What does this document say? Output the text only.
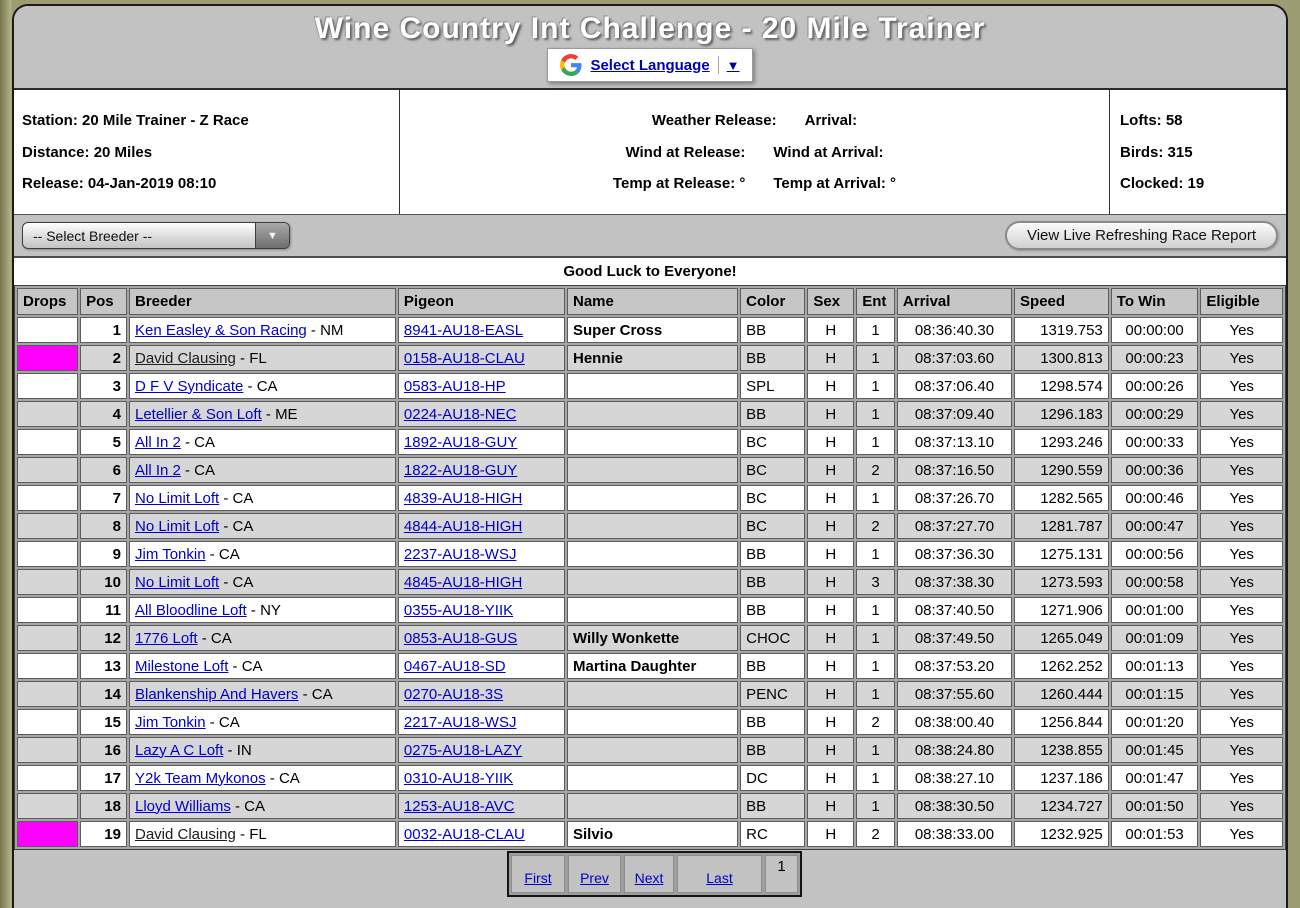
Wine Country Int Challenge - 20 Mile Trainer
Select Language ▼
Station: 20 Mile Trainer - Z Race
Distance: 20 Miles
Release: 04-Jan-2019 08:10
Weather Release: Arrival:
Wind at Release: Wind at Arrival:
Temp at Release: ° Temp at Arrival: °
Lofts: 58
Birds: 315
Clocked: 19
-- Select Breeder --	▼	View Live Refreshing Race Report
Good Luck to Everyone!
Drops	Pos	Breeder	Pigeon	Name	Color	Sex	Ent	Arrival	Speed	To Win	Eligible
	1	Ken Easley & Son Racing - NM	8941-AU18-EASL	Super Cross	BB	H	1	08:36:40.30	1319.753	00:00:00	Yes
	2	David Clausing - FL	0158-AU18-CLAU	Hennie	BB	H	1	08:37:03.60	1300.813	00:00:23	Yes
	3	D F V Syndicate - CA	0583-AU18-HP		SPL	H	1	08:37:06.40	1298.574	00:00:26	Yes
	4	Letellier & Son Loft - ME	0224-AU18-NEC		BB	H	1	08:37:09.40	1296.183	00:00:29	Yes
	5	All In 2 - CA	1892-AU18-GUY		BC	H	1	08:37:13.10	1293.246	00:00:33	Yes
	6	All In 2 - CA	1822-AU18-GUY		BC	H	2	08:37:16.50	1290.559	00:00:36	Yes
	7	No Limit Loft - CA	4839-AU18-HIGH		BC	H	1	08:37:26.70	1282.565	00:00:46	Yes
	8	No Limit Loft - CA	4844-AU18-HIGH		BC	H	2	08:37:27.70	1281.787	00:00:47	Yes
	9	Jim Tonkin - CA	2237-AU18-WSJ		BB	H	1	08:37:36.30	1275.131	00:00:56	Yes
	10	No Limit Loft - CA	4845-AU18-HIGH		BB	H	3	08:37:38.30	1273.593	00:00:58	Yes
	11	All Bloodline Loft - NY	0355-AU18-YIIK		BB	H	1	08:37:40.50	1271.906	00:01:00	Yes
	12	1776 Loft - CA	0853-AU18-GUS	Willy Wonkette	CHOC	H	1	08:37:49.50	1265.049	00:01:09	Yes
	13	Milestone Loft - CA	0467-AU18-SD	Martina Daughter	BB	H	1	08:37:53.20	1262.252	00:01:13	Yes
	14	Blankenship And Havers - CA	0270-AU18-3S		PENC	H	1	08:37:55.60	1260.444	00:01:15	Yes
	15	Jim Tonkin - CA	2217-AU18-WSJ		BB	H	2	08:38:00.40	1256.844	00:01:20	Yes
	16	Lazy A C Loft - IN	0275-AU18-LAZY		BB	H	1	08:38:24.80	1238.855	00:01:45	Yes
	17	Y2k Team Mykonos - CA	0310-AU18-YIIK		DC	H	1	08:38:27.10	1237.186	00:01:47	Yes
	18	Lloyd Williams - CA	1253-AU18-AVC		BB	H	1	08:38:30.50	1234.727	00:01:50	Yes
	19	David Clausing - FL	0032-AU18-CLAU	Silvio	RC	H	2	08:38:33.00	1232.925	00:01:53	Yes
First Prev Next	Last
1
